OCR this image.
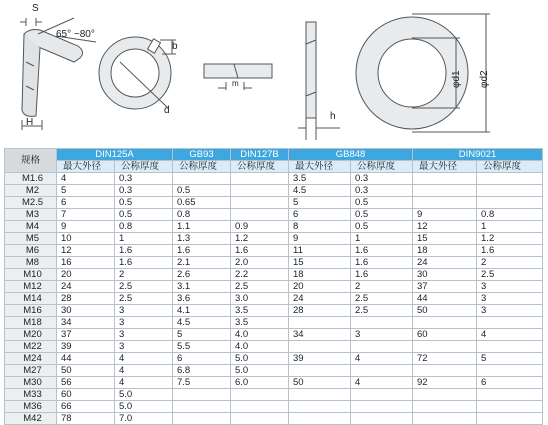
S
65° ~80°
H
b
d
m
h
φd1 φd2
规格	DIN125A		GB93	DIN127B	GB848		DIN9021	
	最大外径	公称厚度	公称厚度	公称厚度	最大外径	公称厚度	最大外径	公称厚度
M1.6	4	0.3			3.5	0.3		
M2	5	0.3	0.5		4.5	0.3		
M2.5	6	0.5	0.65		5	0.5		
M3	7	0.5	0.8		6	0.5	9	0.8
M4	9	0.8	1.1	0.9	8	0.5	12	1
M5	10	1	1.3	1.2	9	1	15	1.2
M6	12	1.6	1.6	1.6	11	1.6	18	1.6
M8	16	1.6	2.1	2.0	15	1.6	24	2
M10	20	2	2.6	2.2	18	1.6	30	2.5
M12	24	2.5	3.1	2.5	20	2	37	3
M14	28	2.5	3.6	3.0	24	2.5	44	3
M16	30	3	4.1	3.5	28	2.5	50	3
M18	34	3	4.5	3.5				
M20	37	3	5	4.0	34	3	60	4
M22	39	3	5.5	4.0				
M24	44	4	6	5.0	39	4	72	5
M27	50	4	6.8	5.0				
M30	56	4	7.5	6.0	50	4	92	6
M33	60	5.0						
M36	66	5.0						
M42	78	7.0						
